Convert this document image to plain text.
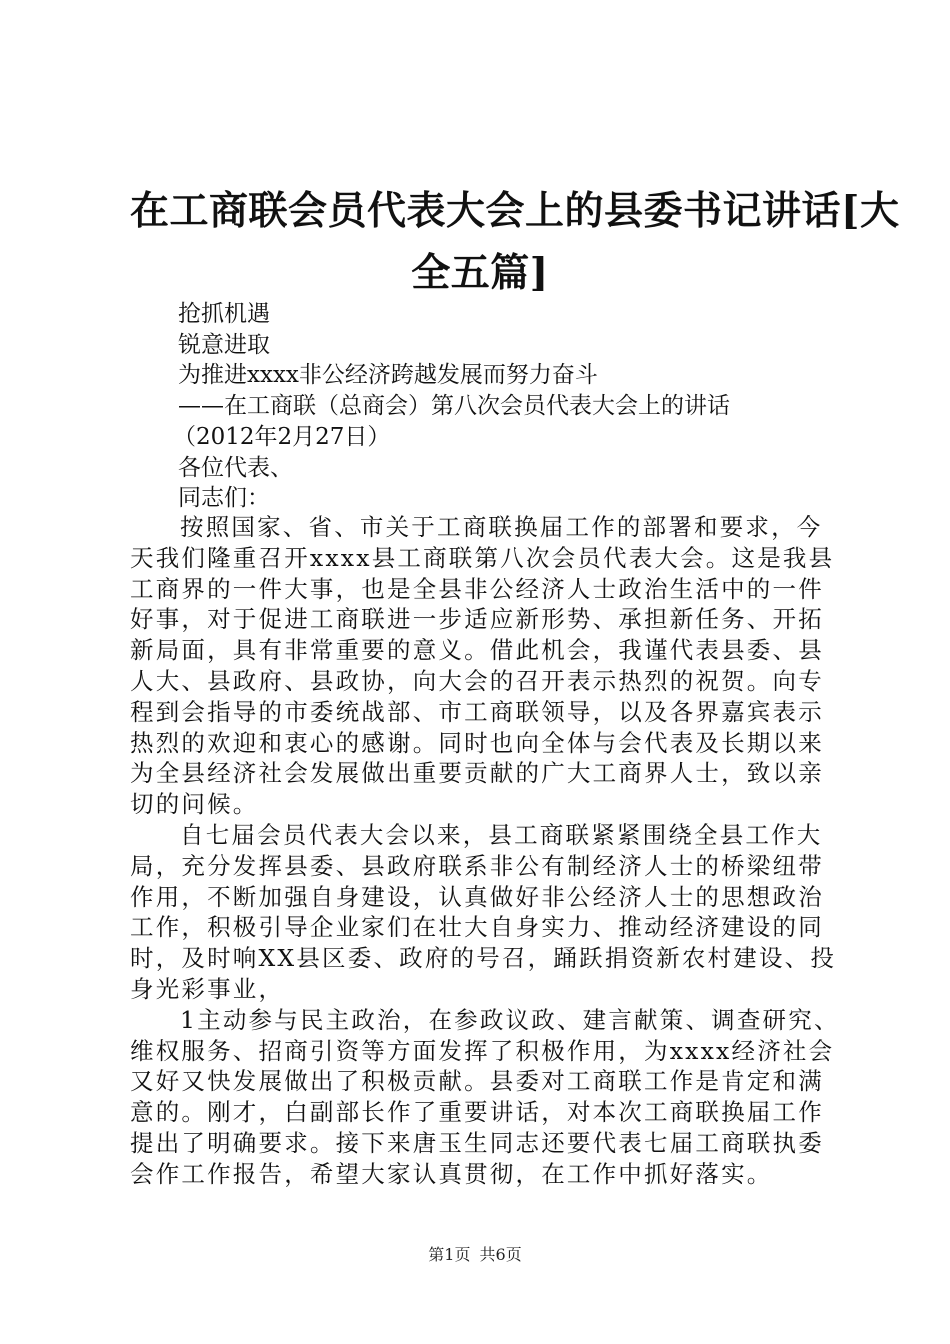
在工商联会员代表大会上的县委书记讲话[大
全五篇]
抢抓机遇
锐意进取
为推进xxxx非公经济跨越发展而努力奋斗
——在工商联（总商会）第八次会员代表大会上的讲话
（2012年2月27日）
各位代表、
同志们：
按照国家、省、市关于工商联换届工作的部署和要求，今
天我们隆重召开xxxx县工商联第八次会员代表大会。这是我县
工商界的一件大事，也是全县非公经济人士政治生活中的一件
好事，对于促进工商联进一步适应新形势、承担新任务、开拓
新局面，具有非常重要的意义。借此机会，我谨代表县委、县
人大、县政府、县政协，向大会的召开表示热烈的祝贺。向专
程到会指导的市委统战部、市工商联领导，以及各界嘉宾表示
热烈的欢迎和衷心的感谢。同时也向全体与会代表及长期以来
为全县经济社会发展做出重要贡献的广大工商界人士，致以亲
切的问候。
自七届会员代表大会以来，县工商联紧紧围绕全县工作大
局，充分发挥县委、县政府联系非公有制经济人士的桥梁纽带
作用，不断加强自身建设，认真做好非公经济人士的思想政治
工作，积极引导企业家们在壮大自身实力、推动经济建设的同
时，及时响XX县区委、政府的号召，踊跃捐资新农村建设、投
身光彩事业，
1主动参与民主政治，在参政议政、建言献策、调查研究、
维权服务、招商引资等方面发挥了积极作用，为xxxx经济社会
又好又快发展做出了积极贡献。县委对工商联工作是肯定和满
意的。刚才，白副部长作了重要讲话，对本次工商联换届工作
提出了明确要求。接下来唐玉生同志还要代表七届工商联执委
会作工作报告，希望大家认真贯彻，在工作中抓好落实。
第1页 共6页
